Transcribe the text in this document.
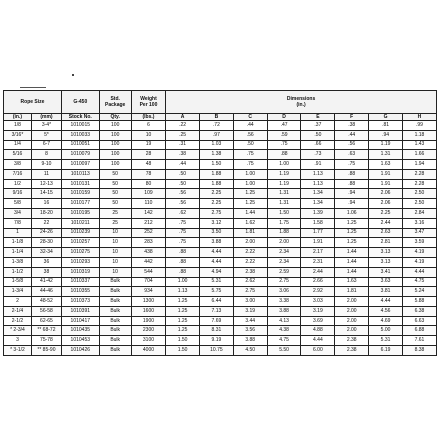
Rope Size		G-450	Std.
Package	Weight
Per 100	Dimensions
(in.)							
(in.)	(mm)	Stock No.	Qty.	(lbs.)	A	B	C	D	E	F	G	H
1/8	3-4*	1010015	100	6	.22	.72	.44	.47	.37	.38	.81	.99
3/16*	5*	1010033	100	10	.25	.97	.56	.59	.50	.44	.94	1.18
1/4	6-7	1010051	100	19	.31	1.03	.50	.75	.66	.56	1.19	1.43
5/16	8	1010079	100	28	.38	1.38	.75	.88	.73	.63	1.31	1.66
3/8	9-10	1010097	100	48	.44	1.50	.75	1.00	.91	.75	1.63	1.94
7/16	11	1010113	50	78	.50	1.88	1.00	1.19	1.13	.88	1.91	2.28
1/2	12-13	1010131	50	80	.50	1.88	1.00	1.19	1.13	.88	1.91	2.28
9/16	14-15	1010159	50	109	.56	2.25	1.25	1.31	1.34	.94	2.06	2.50
5/8	16	1010177	50	110	.56	2.25	1.25	1.31	1.34	.94	2.06	2.50
3/4	18-20	1010195	25	142	.62	2.75	1.44	1.50	1.39	1.06	2.25	2.84
7/8	22	1010211	25	212	.75	3.12	1.62	1.75	1.58	1.25	2.44	3.16
1	24-26	1010239	10	252	.75	3.50	1.81	1.88	1.77	1.25	2.63	3.47
1-1/8	28-30	1010257	10	283	.75	3.88	2.00	2.00	1.91	1.25	2.81	3.59
1-1/4	32-34	1010275	10	438	.88	4.44	2.22	2.34	2.17	1.44	3.13	4.19
1-3/8	36	1010293	10	442	.88	4.44	2.22	2.34	2.31	1.44	3.13	4.19
1-1/2	38	1010319	10	544	.88	4.94	2.38	2.59	2.44	1.44	3.41	4.44
1-5/8	41-42	1010337	Bulk	704	1.00	5.31	2.62	2.75	2.66	1.63	3.63	4.75
1-3/4	44-46	1010355	Bulk	934	1.13	5.75	2.75	3.06	2.92	1.81	3.81	5.24
2	48-52	1010373	Bulk	1300	1.25	6.44	3.00	3.38	3.03	2.00	4.44	5.88
2-1/4	56-58	1010391	Bulk	1600	1.25	7.13	3.19	3.88	3.19	2.00	4.56	6.38
2-1/2	62-65	1010417	Bulk	1900	1.25	7.69	3.44	4.13	3.69	2.00	4.69	6.63
* 2-3/4	** 68-72	1010435	Bulk	2300	1.25	8.31	3.56	4.38	4.88	2.00	5.00	6.88
3	75-78	1010453	Bulk	3100	1.50	9.19	3.88	4.75	4.44	2.38	5.31	7.61
* 3-1/2	** 85-90	1010426	Bulk	4000	1.50	10.75	4.50	5.50	6.00	2.38	6.19	8.38
